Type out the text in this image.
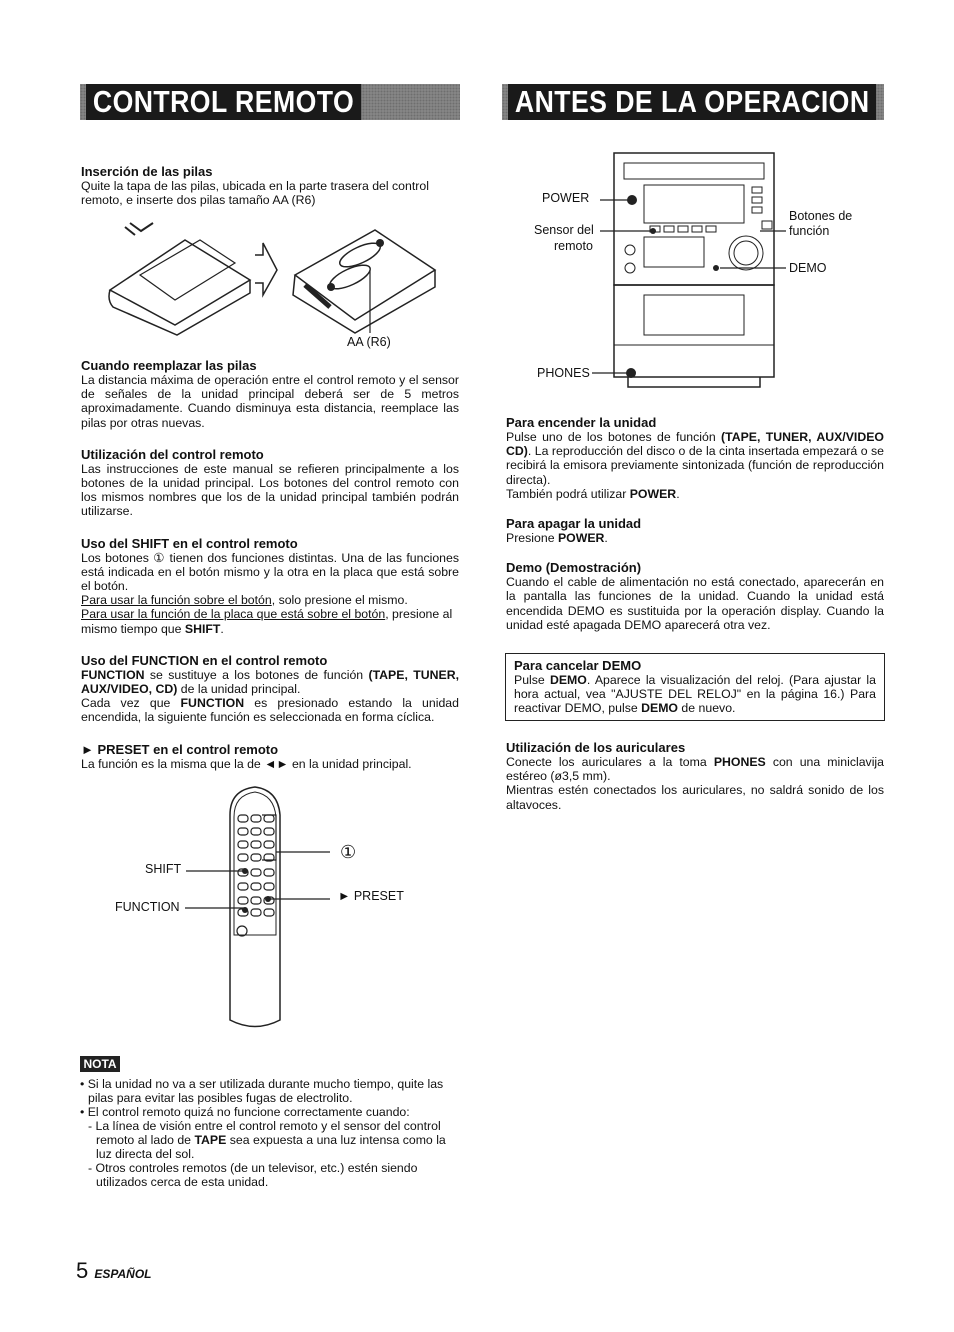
CONTROL REMOTO	ANTES DE LA OPERACION

Inserción de las pilas

Quite la tapa de las pilas, ubicada en la parte trasera del control remoto, e inserte dos pilas tamaño AA (R6)

AA (R6)

Cuando reemplazar las pilas

La distancia máxima de operación entre el control remoto y el sensor de señales de la unidad principal deberá ser de 5 metros aproximadamente. Cuando disminuya esta distancia, reemplace las pilas por otras nuevas.

Utilización del control remoto

Las instrucciones de este manual se refieren principalmente a los botones de la unidad principal. Los botones del control remoto con los mismos nombres que los de la unidad principal también podrán utilizarse.

Uso del SHIFT en el control remoto

Los botones ① tienen dos funciones distintas. Una de las funciones está indicada en el botón mismo y la otra en la placa que está sobre el botón.

Para usar la función sobre el botón, solo presione el mismo.

Para usar la función de la placa que está sobre el botón, presione al mismo tiempo que SHIFT.

Uso del FUNCTION en el control remoto

FUNCTION se sustituye a los botones de función (TAPE, TUNER, AUX/VIDEO, CD) de la unidad principal.

Cada vez que FUNCTION es presionado estando la unidad encendida, la siguiente función es seleccionada en forma cíclica.

► PRESET en el control remoto

La función es la misma que la de ◄► en la unidad principal.

①
SHIFT
FUNCTION
► PRESET
POWER
Sensor del
remoto
Botones de
función
DEMO
PHONES

Para encender la unidad

Pulse uno de los botones de función (TAPE, TUNER, AUX/VIDEO CD). La reproducción del disco o de la cinta insertada empezará o se recibirá la emisora previamente sintonizada (función de reproducción directa).

También podrá utilizar POWER.

Para apagar la unidad

Presione POWER.

Demo (Demostración)

Cuando el cable de alimentación no está conectado, aparecerán en la pantalla las funciones de la unidad. Cuando la unidad está encendida DEMO es sustituida por la operación display. Cuando la unidad esté apagada DEMO aparecerá otra vez.

Para cancelar DEMO

Pulse DEMO. Aparece la visualización del reloj. (Para ajustar la hora actual, vea "AJUSTE DEL RELOJ" en la página 16.) Para reactivar DEMO, pulse DEMO de nuevo.

Utilización de los auriculares

Conecte los auriculares a la toma PHONES con una miniclavija estéreo (ø3,5 mm).

Mientras estén conectados los auriculares, no saldrá sonido de los altavoces.

NOTA

• Si la unidad no va a ser utilizada durante mucho tiempo, quite las pilas para evitar las posibles fugas de electrolito.

• El control remoto quizá no funcione correctamente cuando:

- La línea de visión entre el control remoto y el sensor del control remoto al lado de TAPE sea expuesta a una luz intensa como la luz directa del sol.

- Otros controles remotos (de un televisor, etc.) estén siendo utilizados cerca de esta unidad.

5 ESPAÑOL
